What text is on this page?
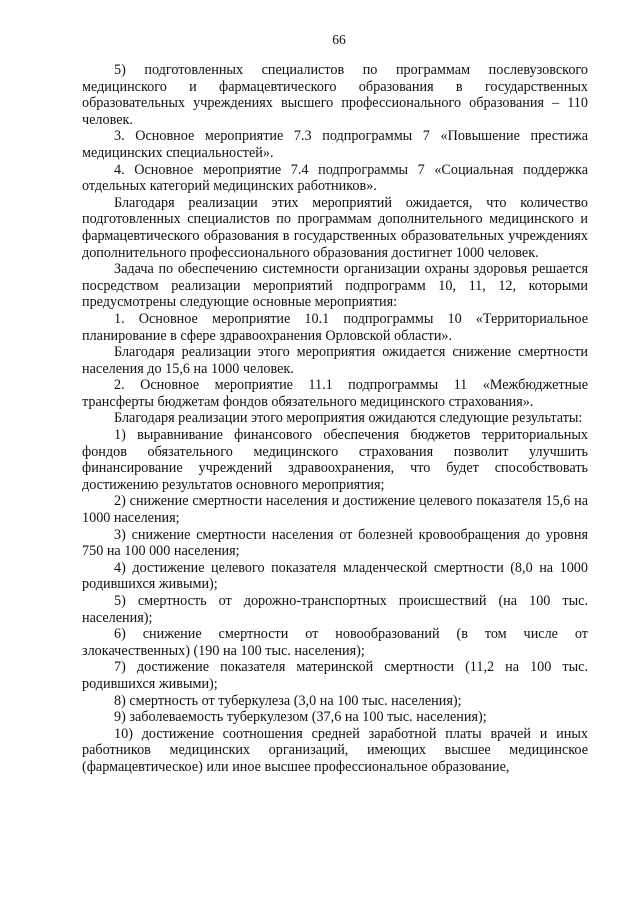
66

5) подготовленных специалистов по программам послевузовского медицинского и фармацевтического образования в государственных образовательных учреждениях высшего профессионального образования – 110 человек.

3. Основное мероприятие 7.3 подпрограммы 7 «Повышение престижа медицинских специальностей».

4. Основное мероприятие 7.4 подпрограммы 7 «Социальная поддержка отдельных категорий медицинских работников».

Благодаря реализации этих мероприятий ожидается, что количество подготовленных специалистов по программам дополнительного медицинского и фармацевтического образования в государственных образовательных учреждениях дополнительного профессионального образования достигнет 1000 человек.

Задача по обеспечению системности организации охраны здоровья решается посредством реализации мероприятий подпрограмм 10, 11, 12, которыми предусмотрены следующие основные мероприятия:

1. Основное мероприятие 10.1 подпрограммы 10 «Территориальное планирование в сфере здравоохранения Орловской области».

Благодаря реализации этого мероприятия ожидается снижение смертности населения до 15,6 на 1000 человек.

2. Основное мероприятие 11.1 подпрограммы 11 «Межбюджетные трансферты бюджетам фондов обязательного медицинского страхования».

Благодаря реализации этого мероприятия ожидаются следующие результаты:

1) выравнивание финансового обеспечения бюджетов территориальных фондов обязательного медицинского страхования позволит улучшить финансирование учреждений здравоохранения, что будет способствовать достижению результатов основного мероприятия;

2) снижение смертности населения и достижение целевого показателя 15,6 на 1000 населения;

3) снижение смертности населения от болезней кровообращения до уровня 750 на 100 000 населения;

4) достижение целевого показателя младенческой смертности (8,0 на 1000 родившихся живыми);

5) смертность от дорожно-транспортных происшествий (на 100 тыс. населения);

6) снижение смертности от новообразований (в том числе от злокачественных) (190 на 100 тыс. населения);

7) достижение показателя материнской смертности (11,2 на 100 тыс. родившихся живыми);

8) смертность от туберкулеза (3,0 на 100 тыс. населения);

9) заболеваемость туберкулезом (37,6 на 100 тыс. населения);

10) достижение соотношения средней заработной платы врачей и иных работников медицинских организаций, имеющих высшее медицинское (фармацевтическое) или иное высшее профессиональное образование,
